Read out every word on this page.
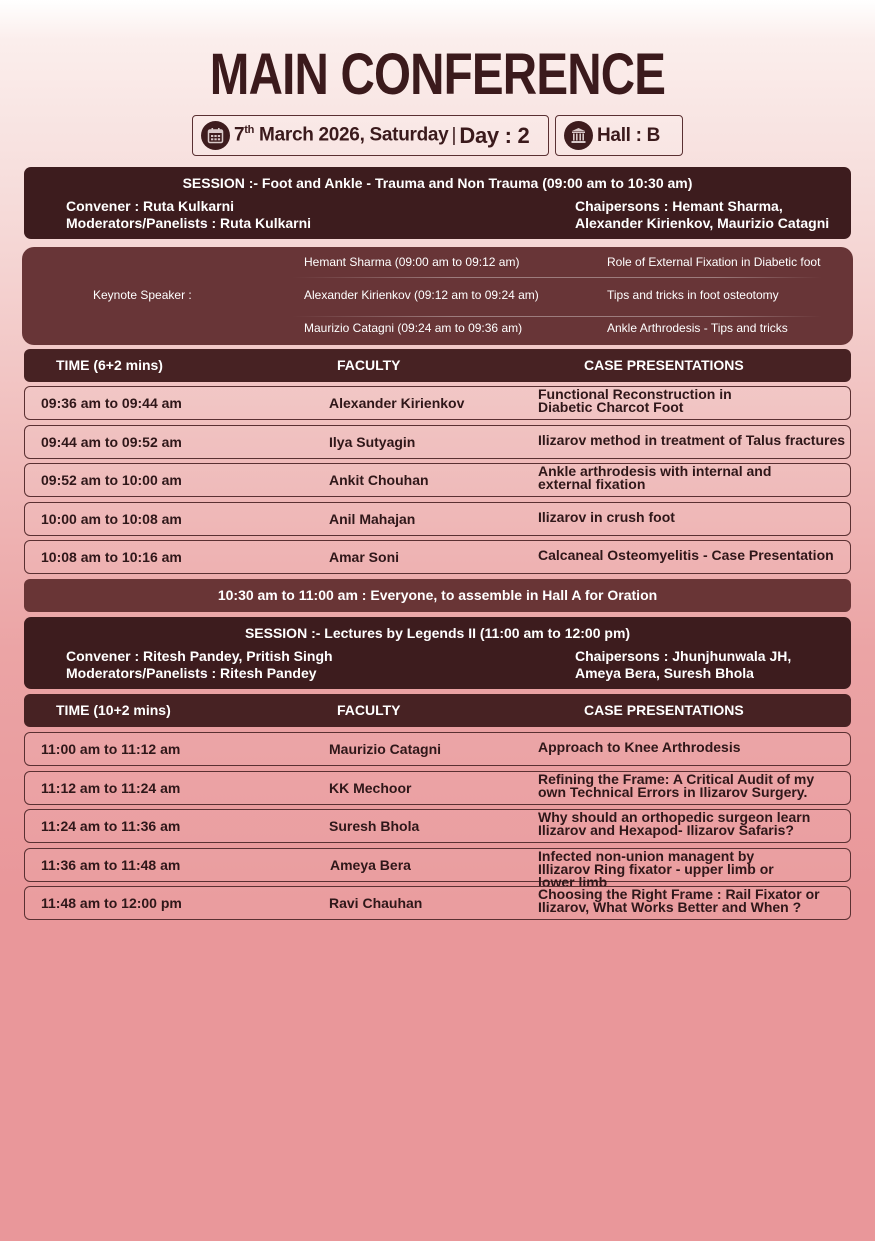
MAIN CONFERENCE
7th March 2026, Saturday | Day : 2	Hall : B
SESSION :- Foot and Ankle - Trauma and Non Trauma (09:00 am to 10:30 am)
Convener : Ruta Kulkarni
Moderators/Panelists : Ruta Kulkarni
Chaipersons : Hemant Sharma,
Alexander Kirienkov, Maurizio Catagni
Keynote Speaker :
Hemant Sharma (09:00 am to 09:12 am)	Role of External Fixation in Diabetic foot
Alexander Kirienkov (09:12 am to 09:24 am)	Tips and tricks in foot osteotomy
Maurizio Catagni (09:24 am to 09:36 am)	Ankle Arthrodesis - Tips and tricks
TIME (6+2 mins)	FACULTY	CASE PRESENTATIONS
09:36 am to 09:44 am	Alexander Kirienkov
Functional Reconstruction in Diabetic Charcot Foot
09:44 am to 09:52 am	Ilya Sutyagin	Ilizarov method in treatment of Talus fractures
09:52 am to 10:00 am	Ankit Chouhan
Ankle arthrodesis with internal and external fixation
10:00 am to 10:08 am	Anil Mahajan	Ilizarov in crush foot
10:08 am to 10:16 am	Amar Soni	Calcaneal Osteomyelitis - Case Presentation
10:30 am to 11:00 am : Everyone, to assemble in Hall A for Oration
SESSION :- Lectures by Legends II (11:00 am to 12:00 pm)
Convener : Ritesh Pandey, Pritish Singh
Moderators/Panelists : Ritesh Pandey
Chaipersons : Jhunjhunwala JH,
Ameya Bera, Suresh Bhola
TIME (10+2 mins)	FACULTY	CASE PRESENTATIONS
11:00 am to 11:12 am	Maurizio Catagni	Approach to Knee Arthrodesis
11:12 am to 11:24 am	KK Mechoor
Refining the Frame: A Critical Audit of my own Technical Errors in Ilizarov Surgery.
11:24 am to 11:36 am	Suresh Bhola
Why should an orthopedic surgeon learn Ilizarov and Hexapod- Ilizarov Safaris?
11:36 am to 11:48 am	Ameya Bera
Infected non-union managent by Illizarov Ring fixator - upper limb or lower limb
11:48 am to 12:00 pm	Ravi Chauhan
Choosing the Right Frame : Rail Fixator or Ilizarov, What Works Better and When ?
